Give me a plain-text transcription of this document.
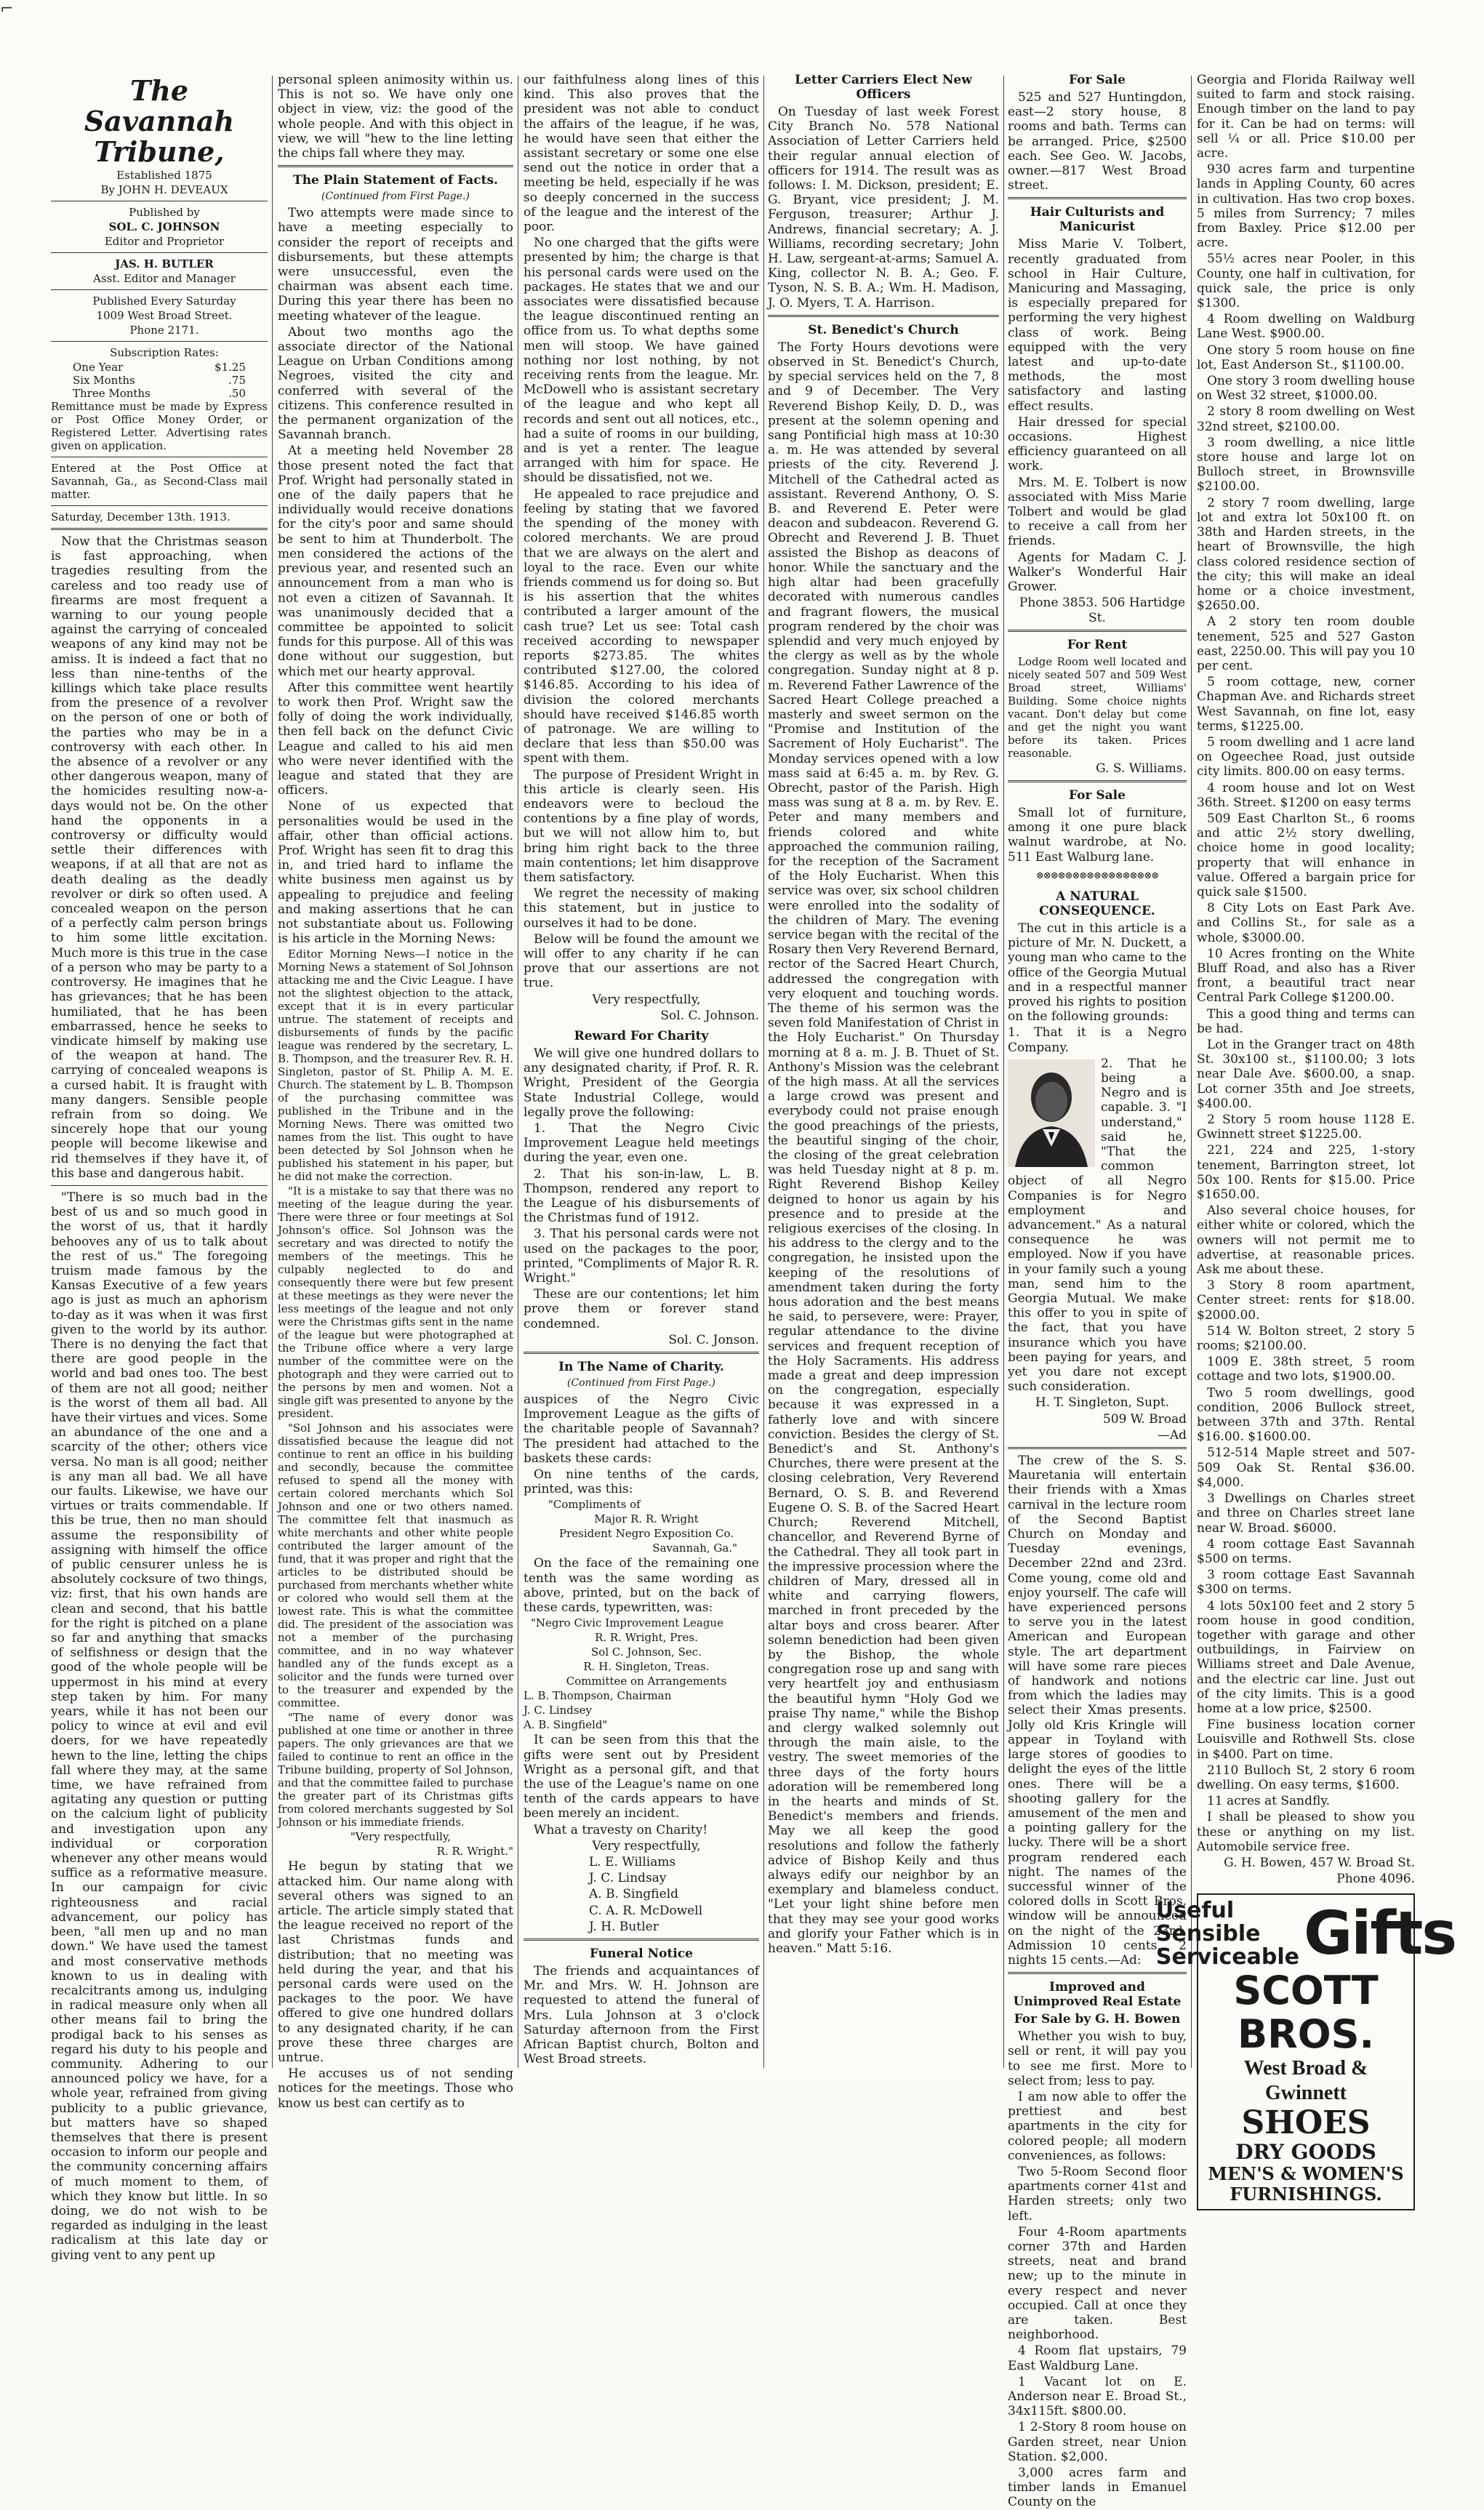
⌐
The Savannah Tribune,

Established 1875

By JOHN H. DEVEAUX

Published by

SOL. C. JOHNSON

Editor and Proprietor

JAS. H. BUTLER

Asst. Editor and Manager

Published Every Saturday

1009 West Broad Street.

Phone 2171.

Subscription Rates:

One Year	$1.25
Six Months	.75
Three Months	.50

Remittance must be made by Express or Post Office Money Order, or Registered Letter. Advertising rates given on application.

Entered at the Post Office at Savannah, Ga., as Second-Class mail matter.

Saturday, December 13th. 1913.

Now that the Christmas season is fast approaching, when tragedies resulting from the careless and too ready use of firearms are most frequent a warning to our young people against the carrying of concealed weapons of any kind may not be amiss. It is indeed a fact that no less than nine-tenths of the killings which take place results from the presence of a revolver on the person of one or both of the parties who may be in a controversy with each other. In the absence of a revolver or any other dangerous weapon, many of the homicides resulting now-a-days would not be. On the other hand the opponents in a controversy or difficulty would settle their differences with weapons, if at all that are not as death dealing as the deadly revolver or dirk so often used. A concealed weapon on the person of a perfectly calm person brings to him some little excitation. Much more is this true in the case of a person who may be party to a controversy. He imagines that he has grievances; that he has been humiliated, that he has been embarrassed, hence he seeks to vindicate himself by making use of the weapon at hand. The carrying of concealed weapons is a cursed habit. It is fraught with many dangers. Sensible people refrain from so doing. We sincerely hope that our young people will become likewise and rid themselves if they have it, of this base and dangerous habit.

"There is so much bad in the best of us and so much good in the worst of us, that it hardly behooves any of us to talk about the rest of us." The foregoing truism made famous by the Kansas Executive of a few years ago is just as much an aphorism to-day as it was when it was first given to the world by its author. There is no denying the fact that there are good people in the world and bad ones too. The best of them are not all good; neither is the worst of them all bad. All have their virtues and vices. Some an abundance of the one and a scarcity of the other; others vice versa. No man is all good; neither is any man all bad. We all have our faults. Likewise, we have our virtues or traits commendable. If this be true, then no man should assume the responsibility of assigning with himself the office of public censurer unless he is absolutely cocksure of two things, viz: first, that his own hands are clean and second, that his battle for the right is pitched on a plane so far and anything that smacks of selfishness or design that the good of the whole people will be uppermost in his mind at every step taken by him. For many years, while it has not been our policy to wince at evil and evil doers, for we have repeatedly hewn to the line, letting the chips fall where they may, at the same time, we have refrained from agitating any question or putting on the calcium light of publicity and investigation upon any individual or corporation whenever any other means would suffice as a reformative measure. In our campaign for civic righteousness and racial advancement, our policy has been, "all men up and no man down." We have used the tamest and most conservative methods known to us in dealing with recalcitrants among us, indulging in radical measure only when all other means fail to bring the prodigal back to his senses as regard his duty to his people and community. Adhering to our announced policy we have, for a whole year, refrained from giving publicity to a public grievance, but matters have so shaped themselves that there is present occasion to inform our people and the community concerning affairs of much moment to them, of which they know but little. In so doing, we do not wish to be regarded as indulging in the least radicalism at this late day or giving vent to any pent up

personal spleen animosity within us. This is not so. We have only one object in view, viz: the good of the whole people. And with this object in view, we will "hew to the line letting the chips fall where they may.

The Plain Statement of Facts.
(Continued from First Page.)

Two attempts were made since to have a meeting especially to consider the report of receipts and disbursements, but these attempts were unsuccessful, even the chairman was absent each time. During this year there has been no meeting whatever of the league.

About two months ago the associate director of the National League on Urban Conditions among Negroes, visited the city and conferred with several of the citizens. This conference resulted in the permanent organization of the Savannah branch.

At a meeting held November 28 those present noted the fact that Prof. Wright had personally stated in one of the daily papers that he individually would receive donations for the city's poor and same should be sent to him at Thunderbolt. The men considered the actions of the previous year, and resented such an announcement from a man who is not even a citizen of Savannah. It was unanimously decided that a committee be appointed to solicit funds for this purpose. All of this was done without our suggestion, but which met our hearty approval.

After this committee went heartily to work then Prof. Wright saw the folly of doing the work individually, then fell back on the defunct Civic League and called to his aid men who were never identified with the league and stated that they are officers.

None of us expected that personalities would be used in the affair, other than official actions. Prof. Wright has seen fit to drag this in, and tried hard to inflame the white business men against us by appealing to prejudice and feeling and making assertions that he can not substantiate about us. Following is his article in the Morning News:

Editor Morning News—I notice in the Morning News a statement of Sol Johnson attacking me and the Civic League. I have not the slightest objection to the attack, except that it is in every particular untrue. The statement of receipts and disbursements of funds by the pacific league was rendered by the secretary, L. B. Thompson, and the treasurer Rev. R. H. Singleton, pastor of St. Philip A. M. E. Church. The statement by L. B. Thompson of the purchasing committee was published in the Tribune and in the Morning News. There was omitted two names from the list. This ought to have been detected by Sol Johnson when he published his statement in his paper, but he did not make the correction.

"It is a mistake to say that there was no meeting of the league during the year. There were three or four meetings at Sol Johnson's office. Sol Johnson was the secretary and was directed to notify the members of the meetings. This he culpably neglected to do and consequently there were but few present at these meetings as they were never the less meetings of the league and not only were the Christmas gifts sent in the name of the league but were photographed at the Tribune office where a very large number of the committee were on the photograph and they were carried out to the persons by men and women. Not a single gift was presented to anyone by the president.

"Sol Johnson and his associates were dissatisfied because the league did not continue to rent an office in his building and secondly, because the committee refused to spend all the money with certain colored merchants which Sol Johnson and one or two others named. The committee felt that inasmuch as white merchants and other white people contributed the larger amount of the fund, that it was proper and right that the articles to be distributed should be purchased from merchants whether white or colored who would sell them at the lowest rate. This is what the committee did. The president of the association was not a member of the purchasing committee, and in no way whatever handled any of the funds except as a solicitor and the funds were turned over to the treasurer and expended by the committee.

"The name of every donor was published at one time or another in three papers. The only grievances are that we failed to continue to rent an office in the Tribune building, property of Sol Johnson, and that the committee failed to purchase the greater part of its Christmas gifts from colored merchants suggested by Sol Johnson or his immediate friends.

"Very respectfully,

R. R. Wright."

He begun by stating that we attacked him. Our name along with several others was signed to an article. The article simply stated that the league received no report of the last Christmas funds and distribution; that no meeting was held during the year, and that his personal cards were used on the packages to the poor. We have offered to give one hundred dollars to any designated charity, if he can prove these three charges are untrue.

He accuses us of not sending notices for the meetings. Those who know us best can certify as to

our faithfulness along lines of this kind. This also proves that the president was not able to conduct the affairs of the league, if he was, he would have seen that either the assistant secretary or some one else send out the notice in order that a meeting be held, especially if he was so deeply concerned in the success of the league and the interest of the poor.

No one charged that the gifts were presented by him; the charge is that his personal cards were used on the packages. He states that we and our associates were dissatisfied because the league discontinued renting an office from us. To what depths some men will stoop. We have gained nothing nor lost nothing, by not receiving rents from the league. Mr. McDowell who is assistant secretary of the league and who kept all records and sent out all notices, etc., had a suite of rooms in our building, and is yet a renter. The league arranged with him for space. He should be dissatisfied, not we.

He appealed to race prejudice and feeling by stating that we favored the spending of the money with colored merchants. We are proud that we are always on the alert and loyal to the race. Even our white friends commend us for doing so. But is his assertion that the whites contributed a larger amount of the cash true? Let us see: Total cash received according to newspaper reports $273.85. The whites contributed $127.00, the colored $146.85. According to his idea of division the colored merchants should have received $146.85 worth of patronage. We are willing to declare that less than $50.00 was spent with them.

The purpose of President Wright in this article is clearly seen. His endeavors were to becloud the contentions by a fine play of words, but we will not allow him to, but bring him right back to the three main contentions; let him disapprove them satisfactory.

We regret the necessity of making this statement, but in justice to ourselves it had to be done.

Below will be found the amount we will offer to any charity if he can prove that our assertions are not true.

Very respectfully,

Sol. C. Johnson.

Reward For Charity

We will give one hundred dollars to any designated charity, if Prof. R. R. Wright, President of the Georgia State Industrial College, would legally prove the following:

1. That the Negro Civic Improvement League held meetings during the year, even one.

2. That his son-in-law, L. B. Thompson, rendered any report to the League of his disbursements of the Christmas fund of 1912.

3. That his personal cards were not used on the packages to the poor, printed, "Compliments of Major R. R. Wright."

These are our contentions; let him prove them or forever stand condemned.

Sol. C. Jonson.

In The Name of Charity.
(Continued from First Page.)

auspices of the Negro Civic Improvement League as the gifts of the charitable people of Savannah? The president had attached to the baskets these cards:

On nine tenths of the cards, printed, was this:

"Compliments of

Major R. R. Wright

President Negro Exposition Co.

Savannah, Ga."

On the face of the remaining one tenth was the same wording as above, printed, but on the back of these cards, typewritten, was:

"Negro Civic Improvement League

R. R. Wright, Pres.

Sol C. Johnson, Sec.

R. H. Singleton, Treas.

Committee on Arrangements

L. B. Thompson, Chairman

J. C. Lindsey

A. B. Singfield"

It can be seen from this that the gifts were sent out by President Wright as a personal gift, and that the use of the League's name on one tenth of the cards appears to have been merely an incident.

What a travesty on Charity!

Very respectfully,

L. E. Williams

J. C. Lindsay

A. B. Singfield

C. A. R. McDowell

J. H. Butler

Funeral Notice

The friends and acquaintances of Mr. and Mrs. W. H. Johnson are requested to attend the funeral of Mrs. Lula Johnson at 3 o'clock Saturday afternoon from the First African Baptist church, Bolton and West Broad streets.

Letter Carriers Elect New Officers

On Tuesday of last week Forest City Branch No. 578 National Association of Letter Carriers held their regular annual election of officers for 1914. The result was as follows: I. M. Dickson, president; E. G. Bryant, vice president; J. M. Ferguson, treasurer; Arthur J. Andrews, financial secretary; A. J. Williams, recording secretary; John H. Law, sergeant-at-arms; Samuel A. King, collector N. B. A.; Geo. F. Tyson, N. S. B. A.; Wm. H. Madison, J. O. Myers, T. A. Harrison.

St. Benedict's Church

The Forty Hours devotions were observed in St. Benedict's Church, by special services held on the 7, 8 and 9 of December. The Very Reverend Bishop Keily, D. D., was present at the solemn opening and sang Pontificial high mass at 10:30 a. m. He was attended by several priests of the city. Reverend J. Mitchell of the Cathedral acted as assistant. Reverend Anthony, O. S. B. and Reverend E. Peter were deacon and subdeacon. Reverend G. Obrecht and Reverend J. B. Thuet assisted the Bishop as deacons of honor. While the sanctuary and the high altar had been gracefully decorated with numerous candles and fragrant flowers, the musical program rendered by the choir was splendid and very much enjoyed by the clergy as well as by the whole congregation. Sunday night at 8 p. m. Reverend Father Lawrence of the Sacred Heart College preached a masterly and sweet sermon on the "Promise and Institution of the Sacrement of Holy Eucharist". The Monday services opened with a low mass said at 6:45 a. m. by Rev. G. Obrecht, pastor of the Parish. High mass was sung at 8 a. m. by Rev. E. Peter and many members and friends colored and white approached the communion railing, for the reception of the Sacrament of the Holy Eucharist. When this service was over, six school children were enrolled into the sodality of the children of Mary. The evening service began with the recital of the Rosary then Very Reverend Bernard, rector of the Sacred Heart Church, addressed the congregation with very eloquent and touching words. The theme of his sermon was the seven fold Manifestation of Christ in the Holy Eucharist." On Thursday morning at 8 a. m. J. B. Thuet of St. Anthony's Mission was the celebrant of the high mass. At all the services a large crowd was present and everybody could not praise enough the good preachings of the priests, the beautiful singing of the choir, the closing of the great celebration was held Tuesday night at 8 p. m. Right Reverend Bishop Keiley deigned to honor us again by his presence and to preside at the religious exercises of the closing. In his address to the clergy and to the congregation, he insisted upon the keeping of the resolutions of amendment taken during the forty hous adoration and the best means he said, to persevere, were: Prayer, regular attendance to the divine services and frequent reception of the Holy Sacraments. His address made a great and deep impression on the congregation, especially because it was expressed in a fatherly love and with sincere conviction. Besides the clergy of St. Benedict's and St. Anthony's Churches, there were present at the closing celebration, Very Reverend Bernard, O. S. B. and Reverend Eugene O. S. B. of the Sacred Heart Church; Reverend Mitchell, chancellor, and Reverend Byrne of the Cathedral. They all took part in the impressive procession where the children of Mary, dressed all in white and carrying flowers, marched in front preceded by the altar boys and cross bearer. After solemn benediction had been given by the Bishop, the whole congregation rose up and sang with very heartfelt joy and enthusiasm the beautiful hymn "Holy God we praise Thy name," while the Bishop and clergy walked solemnly out through the main aisle, to the vestry. The sweet memories of the three days of the forty hours adoration will be remembered long in the hearts and minds of St. Benedict's members and friends. May we all keep the good resolutions and follow the fatherly advice of Bishop Keily and thus always edify our neighbor by an exemplary and blameless conduct. "Let your light shine before men that they may see your good works and glorify your Father which is in heaven." Matt 5:16.

For Sale

525 and 527 Huntingdon, east—2 story house, 8 rooms and bath. Terms can be arranged. Price, $2500 each. See Geo. W. Jacobs, owner.—817 West Broad street.

Hair Culturists and Manicurist

Miss Marie V. Tolbert, recently graduated from school in Hair Culture, Manicuring and Massaging, is especially prepared for performing the very highest class of work. Being equipped with the very latest and up-to-date methods, the most satisfactory and lasting effect results.

Hair dressed for special occasions. Highest efficiency guaranteed on all work.

Mrs. M. E. Tolbert is now associated with Miss Marie Tolbert and would be glad to receive a call from her friends.

Agents for Madam C. J. Walker's Wonderful Hair Grower.

Phone 3853. 506 Hartidge St.

For Rent

Lodge Room well located and nicely seated 507 and 509 West Broad street, Williams' Building. Some choice nights vacant. Don't delay but come and get the night you want before its taken. Prices reasonable.

G. S. Williams.

For Sale

Small lot of furniture, among it one pure black walnut wardrobe, at No. 511 East Walburg lane.

⊗⊗⊗⊗⊗⊗⊗⊗⊗⊗⊗⊗⊗⊗⊗⊗⊗
A NATURAL CONSEQUENCE.

The cut in this article is a picture of Mr. N. Duckett, a young man who came to the office of the Georgia Mutual and in a respectful manner proved his rights to position on the following grounds:

1. That it is a Negro Company.

2. That he being a Negro and is capable. 3. "I understand," said he, "That the common object of all Negro Companies is for Negro employment and advancement." As a natural consequence he was employed. Now if you have in your family such a young man, send him to the Georgia Mutual. We make this offer to you in spite of the fact, that you have insurance which you have been paying for years, and yet you dare not except such consideration.

H. T. Singleton, Supt.

509 W. Broad

—Ad

The crew of the S. S. Mauretania will entertain their friends with a Xmas carnival in the lecture room of the Second Baptist Church on Monday and Tuesday evenings, December 22nd and 23rd. Come young, come old and enjoy yourself. The cafe will have experienced persons to serve you in the latest American and European style. The art department will have some rare pieces of handwork and notions from which the ladies may select their Xmas presents. Jolly old Kris Kringle will appear in Toyland with large stores of goodies to delight the eyes of the little ones. There will be a shooting gallery for the amusement of the men and a pointing gallery for the lucky. There will be a short program rendered each night. The names of the successful winner of the colored dolls in Scott Bros. window will be announced on the night of the 23rd. Admission 10 cents, 2 nights 15 cents.—Ad:

Improved and Unimproved Real Estate
For Sale by G. H. Bowen

Whether you wish to buy, sell or rent, it will pay you to see me first. More to select from; less to pay.

I am now able to offer the prettiest and best apartments in the city for colored people; all modern conveniences, as follows:

Two 5-Room Second floor apartments corner 41st and Harden streets; only two left.

Four 4-Room apartments corner 37th and Harden streets, neat and brand new; up to the minute in every respect and never occupied. Call at once they are taken. Best neighborhood.

4 Room flat upstairs, 79 East Waldburg Lane.

1 Vacant lot on E. Anderson near E. Broad St., 34x115ft. $800.00.

1 2-Story 8 room house on Garden street, near Union Station. $2,000.

3,000 acres farm and timber lands in Emanuel County on the

Georgia and Florida Railway well suited to farm and stock raising. Enough timber on the land to pay for it. Can be had on terms: will sell ¼ or all. Price $10.00 per acre.

930 acres farm and turpentine lands in Appling County, 60 acres in cultivation. Has two crop boxes. 5 miles from Surrency; 7 miles from Baxley. Price $12.00 per acre.

55½ acres near Pooler, in this County, one half in cultivation, for quick sale, the price is only $1300.

4 Room dwelling on Waldburg Lane West. $900.00.

One story 5 room house on fine lot, East Anderson St., $1100.00.

One story 3 room dwelling house on West 32 street, $1000.00.

2 story 8 room dwelling on West 32nd street, $2100.00.

3 room dwelling, a nice little store house and large lot on Bulloch street, in Brownsville $2100.00.

2 story 7 room dwelling, large lot and extra lot 50x100 ft. on 38th and Harden streets, in the heart of Brownsville, the high class colored residence section of the city; this will make an ideal home or a choice investment, $2650.00.

A 2 story ten room double tenement, 525 and 527 Gaston east, 2250.00. This will pay you 10 per cent.

5 room cottage, new, corner Chapman Ave. and Richards street West Savannah, on fine lot, easy terms, $1225.00.

5 room dwelling and 1 acre land on Ogeechee Road, just outside city limits. 800.00 on easy terms.

4 room house and lot on West 36th. Street. $1200 on easy terms

509 East Charlton St., 6 rooms and attic 2½ story dwelling, choice home in good locality; property that will enhance in value. Offered a bargain price for quick sale $1500.

8 City Lots on East Park Ave. and Collins St., for sale as a whole, $3000.00.

10 Acres fronting on the White Bluff Road, and also has a River front, a beautiful tract near Central Park College $1200.00.

This a good thing and terms can be had.

Lot in the Granger tract on 48th St. 30x100 st., $1100.00; 3 lots near Dale Ave. $600.00, a snap. Lot corner 35th and Joe streets, $400.00.

2 Story 5 room house 1128 E. Gwinnett street $1225.00.

221, 224 and 225, 1-story tenement, Barrington street, lot 50x 100. Rents for $15.00. Price $1650.00.

Also several choice houses, for either white or colored, which the owners will not permit me to advertise, at reasonable prices. Ask me about these.

3 Story 8 room apartment, Center street: rents for $18.00. $2000.00.

514 W. Bolton street, 2 story 5 rooms; $2100.00.

1009 E. 38th street, 5 room cottage and two lots, $1900.00.

Two 5 room dwellings, good condition, 2006 Bullock street, between 37th and 37th. Rental $16.00. $1600.00.

512-514 Maple street and 507-509 Oak St. Rental $36.00. $4,000.

3 Dwellings on Charles street and three on Charles street lane near W. Broad. $6000.

4 room cottage East Savannah $500 on terms.

3 room cottage East Savannah $300 on terms.

4 lots 50x100 feet and 2 story 5 room house in good condition, together with garage and other outbuildings, in Fairview on Williams street and Dale Avenue, and the electric car line. Just out of the city limits. This is a good home at a low price, $2500.

Fine business location corner Louisville and Rothwell Sts. close in $400. Part on time.

2110 Bulloch St, 2 story 6 room dwelling. On easy terms, $1600.

11 acres at Sandfly.

I shall be pleased to show you these or anything on my list. Automobile service free.

G. H. Bowen, 457 W. Broad St.

Phone 4096.

Useful
Sensible
Serviceable Gifts
SCOTT BROS.
West Broad & Gwinnett
SHOES
DRY GOODS
MEN'S & WOMEN'S FURNISHINGS.
